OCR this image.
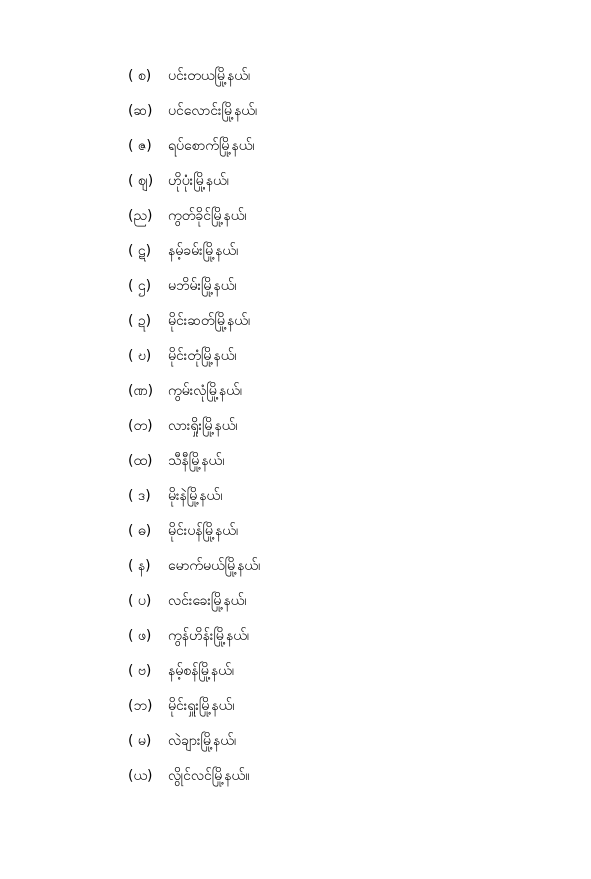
( စ)	ပင်းတယမြို့နယ်၊
(ဆ)	ပင်လောင်းမြို့နယ်၊
( ဇ)	ရပ်စောက်မြို့နယ်၊
( ဈ)	ဟိုပုံးမြို့နယ်၊
(ည)	ကွတ်ခိုင်မြို့နယ်၊
( ဋ)	နမ့်ခမ်းမြို့နယ်၊
( ဌ)	မဘိမ်းမြို့နယ်၊
( ဍ)	မိုင်းဆတ်မြို့နယ်၊
( ဎ)	မိုင်းတုံမြို့နယ်၊
(ဏ)	ကွမ်းလုံမြို့နယ်၊
(တ)	လားရှိုးမြို့နယ်၊
(ထ)	သီနီမြို့နယ်၊
( ဒ)	မိုးနဲမြို့နယ်၊
( ဓ)	မိုင်းပန်မြို့နယ်၊
( န)	မောက်မယ်မြို့နယ်၊
( ပ)	လင်းခေးမြို့နယ်၊
( ဖ)	ကွန်ဟိန်းမြို့နယ်၊
( ဗ)	နမ့်စန်မြို့နယ်၊
(ဘ)	မိုင်းရှူးမြို့နယ်၊
( မ)	လဲချားမြို့နယ်၊
(ယ)	လွိုင်လင်မြို့နယ်။
